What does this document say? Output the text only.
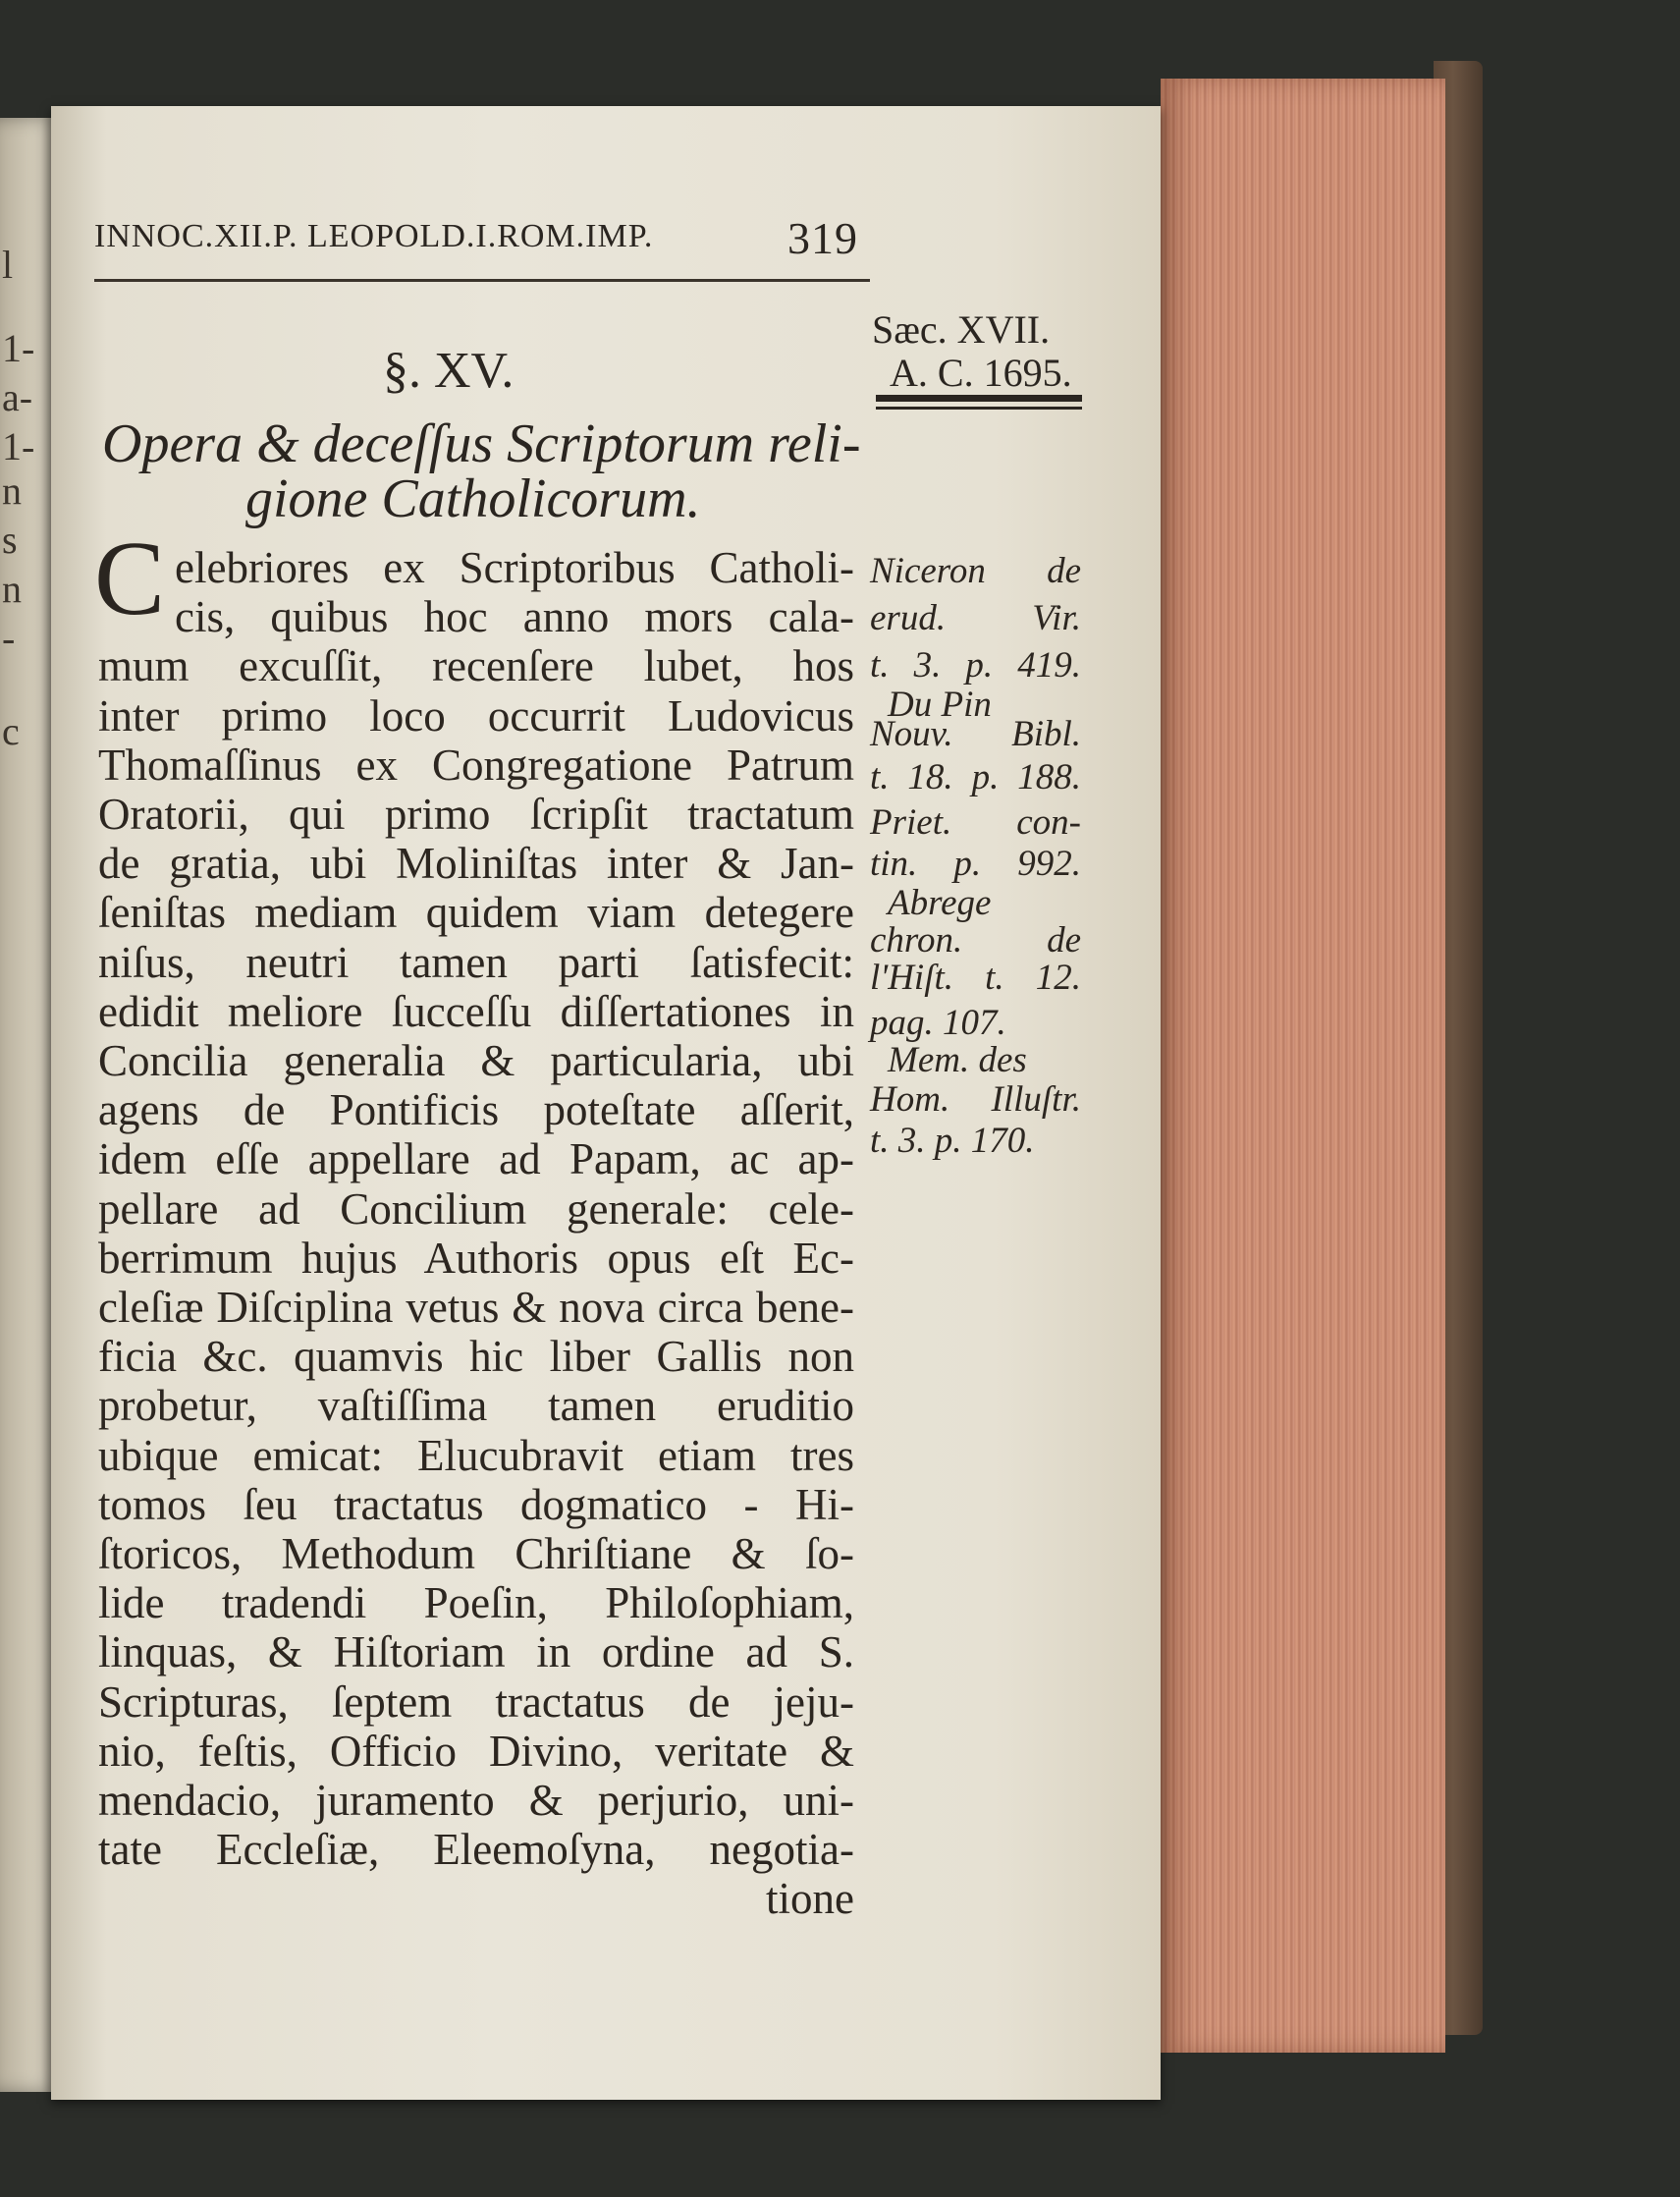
l
1-
a-
1-
n
s
n
-
c
INNOC.XII.P. LEOPOLD.I.ROM.IMP.	319
Sæc. XVII.
A. C. 1695.
§. XV.
Opera & deceſſus Scriptorum reli-
gione Catholicorum.
C elebriores ex Scriptoribus Catholi-
cis, quibus hoc anno mors cala-
mum excuſſit, recenſere lubet, hos
inter primo loco occurrit Ludovicus
Thomaſſinus ex Congregatione Patrum
Oratorii, qui primo ſcripſit tractatum
de gratia, ubi Moliniſtas inter & Jan-
ſeniſtas mediam quidem viam detegere
niſus, neutri tamen parti ſatisfecit:
edidit meliore ſucceſſu diſſertationes in
Concilia generalia & particularia, ubi
agens de Pontificis poteſtate aſſerit,
idem eſſe appellare ad Papam, ac ap-
pellare ad Concilium generale: cele-
berrimum hujus Authoris opus eſt Ec-
cleſiæ Diſciplina vetus & nova circa bene-
ficia &c. quamvis hic liber Gallis non
probetur, vaſtiſſima tamen eruditio
ubique emicat: Elucubravit etiam tres
tomos ſeu tractatus dogmatico - Hi-
ſtoricos, Methodum Chriſtiane & ſo-
lide tradendi Poeſin, Philoſophiam,
linquas, & Hiſtoriam in ordine ad S.
Scripturas, ſeptem tractatus de jeju-
nio, feſtis, Officio Divino, veritate &
mendacio, juramento & perjurio, uni-
tate Eccleſiæ, Eleemoſyna, negotia-
tione
Niceron de
erud. Vir.
t. 3. p. 419.
Du Pin
Nouv. Bibl.
t. 18. p. 188.
Priet. con-
tin. p. 992.
Abrege
chron. de
l'Hiſt. t. 12.
pag. 107.
Mem. des
Hom. Illuſtr.
t. 3. p. 170.
